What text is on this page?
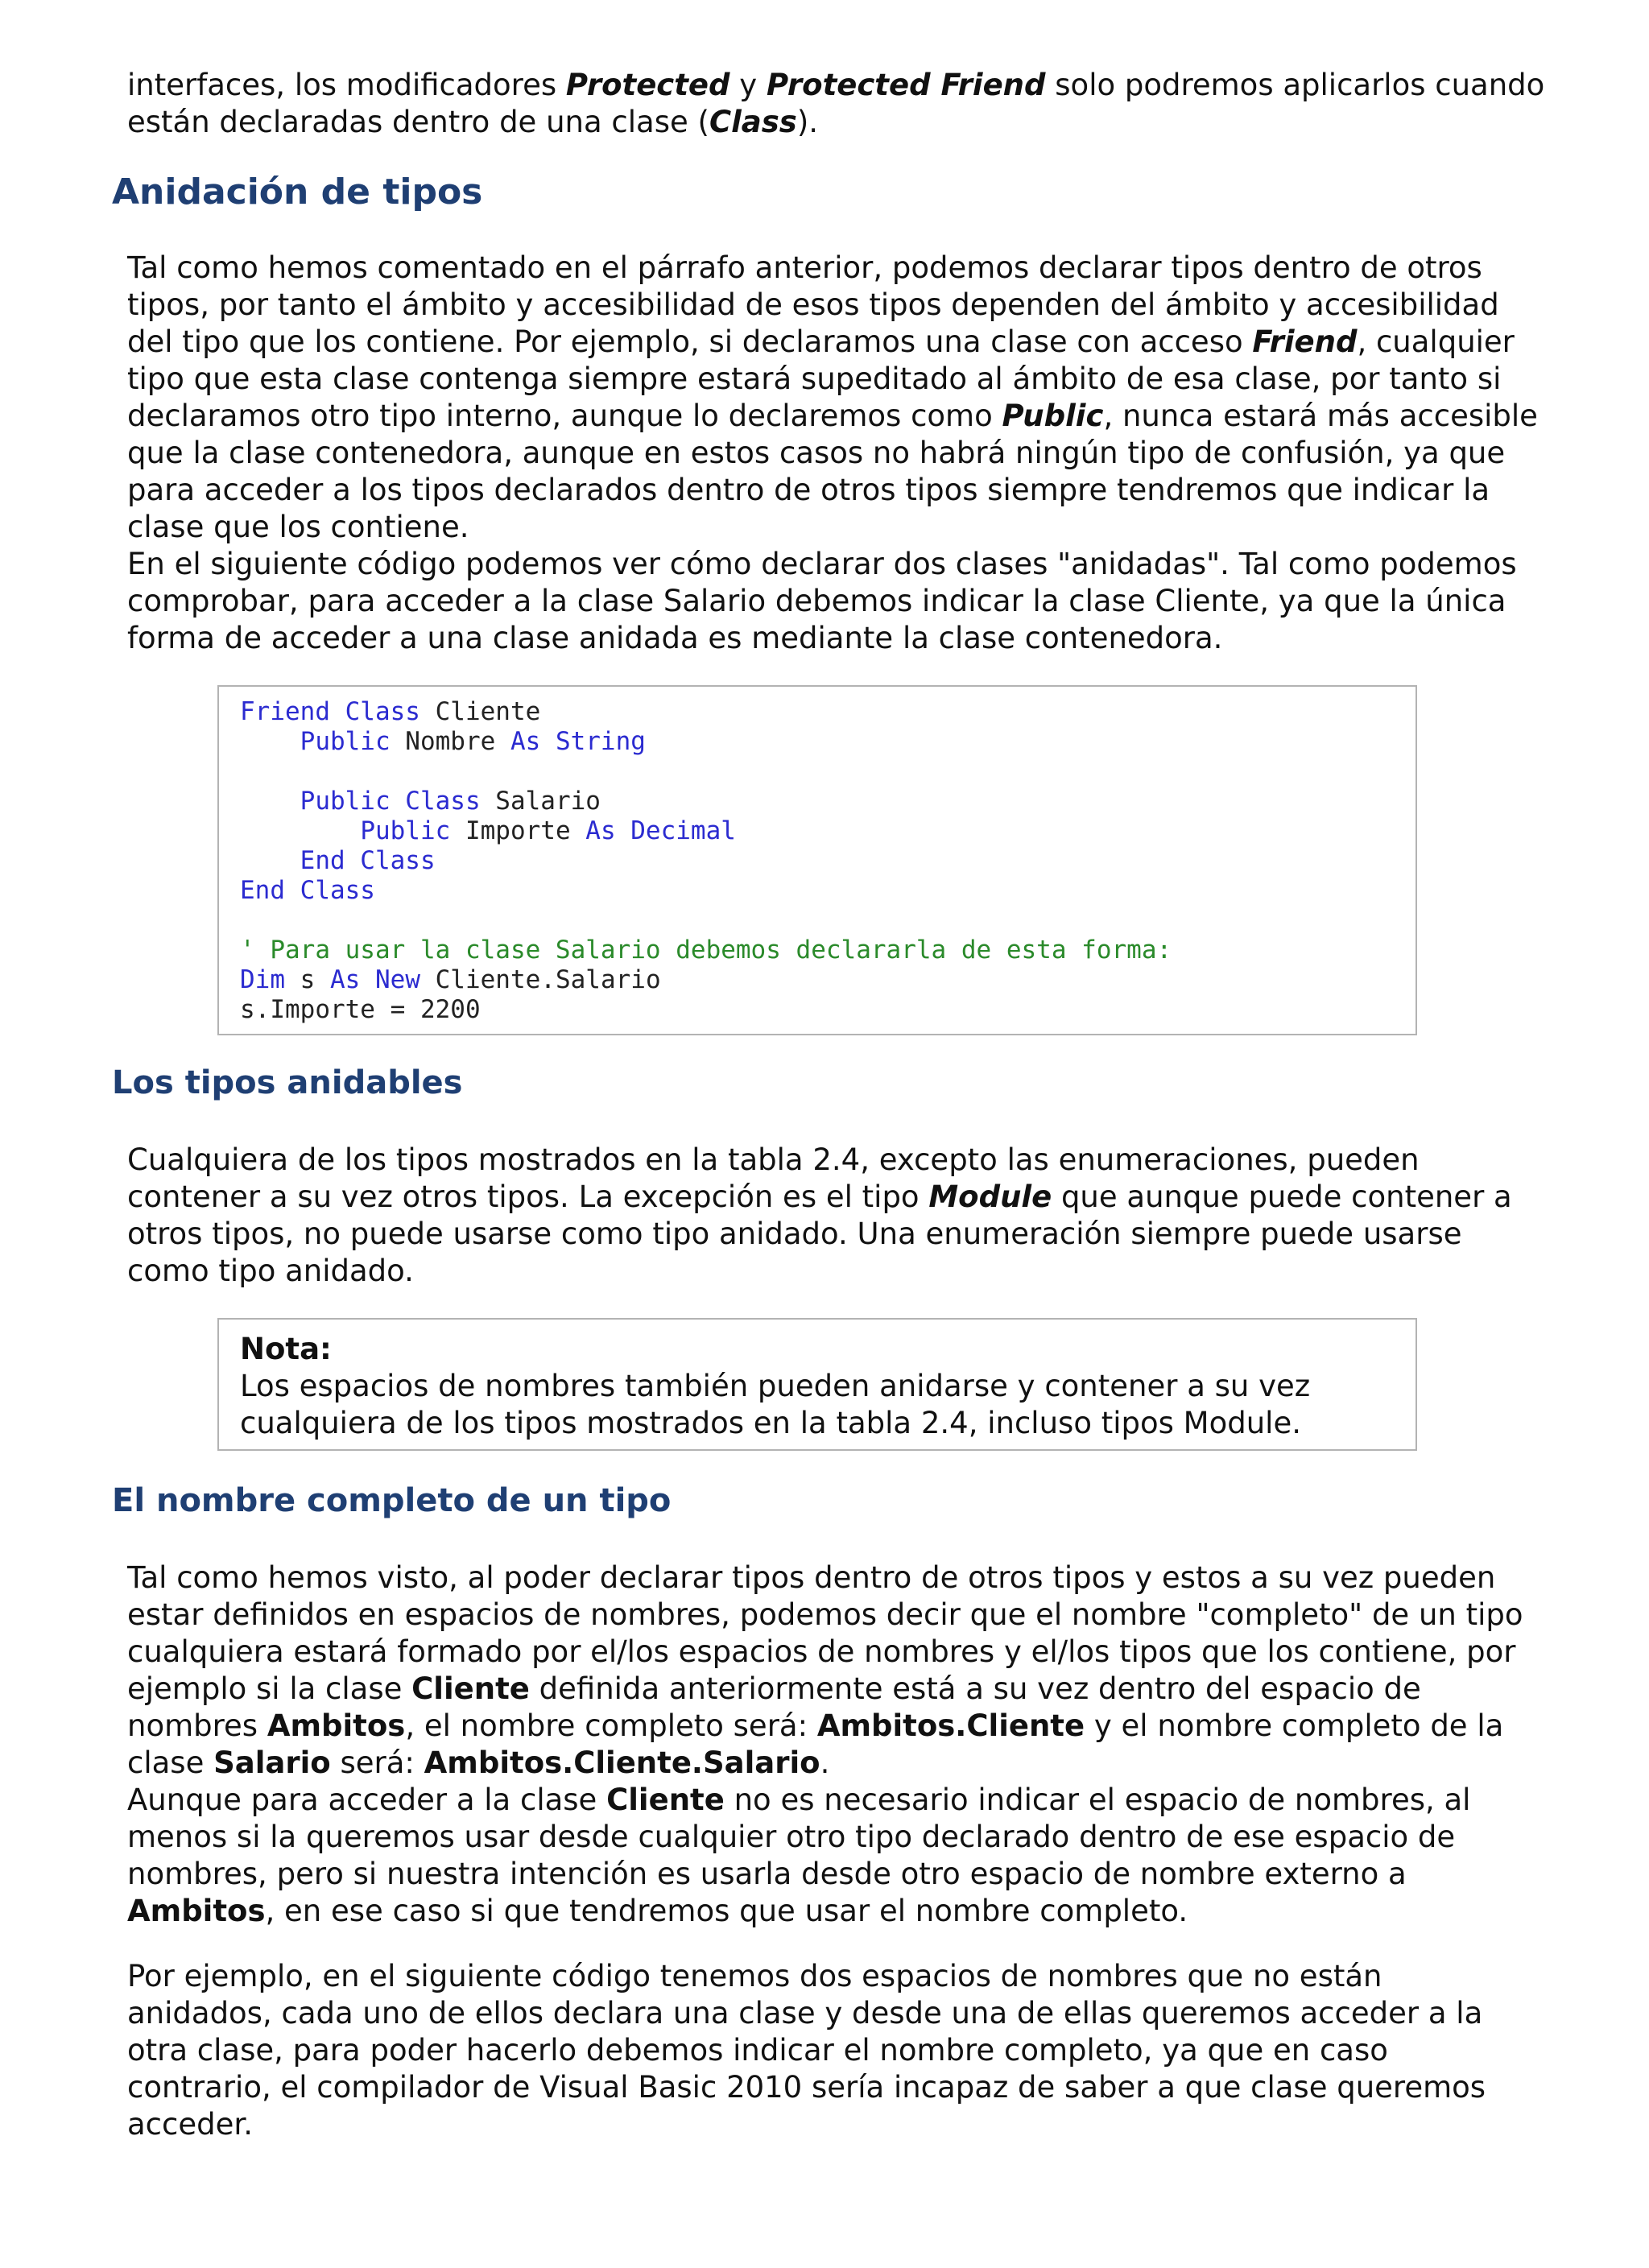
interfaces, los modificadores Protected y Protected Friend solo podremos aplicarlos cuando
están declaradas dentro de una clase (Class).

Anidación de tipos

Tal como hemos comentado en el párrafo anterior, podemos declarar tipos dentro de otros
tipos, por tanto el ámbito y accesibilidad de esos tipos dependen del ámbito y accesibilidad
del tipo que los contiene. Por ejemplo, si declaramos una clase con acceso Friend, cualquier
tipo que esta clase contenga siempre estará supeditado al ámbito de esa clase, por tanto si
declaramos otro tipo interno, aunque lo declaremos como Public, nunca estará más accesible
que la clase contenedora, aunque en estos casos no habrá ningún tipo de confusión, ya que
para acceder a los tipos declarados dentro de otros tipos siempre tendremos que indicar la
clase que los contiene.
En el siguiente código podemos ver cómo declarar dos clases "anidadas". Tal como podemos
comprobar, para acceder a la clase Salario debemos indicar la clase Cliente, ya que la única
forma de acceder a una clase anidada es mediante la clase contenedora.

Friend Class Cliente
Public Nombre As String
Public Class Salario
Public Importe As Decimal
End Class
End Class
' Para usar la clase Salario debemos declararla de esta forma:
Dim s As New Cliente.Salario
s.Importe = 2200
Los tipos anidables

Cualquiera de los tipos mostrados en la tabla 2.4, excepto las enumeraciones, pueden
contener a su vez otros tipos. La excepción es el tipo Module que aunque puede contener a
otros tipos, no puede usarse como tipo anidado. Una enumeración siempre puede usarse
como tipo anidado.

Nota:
Los espacios de nombres también pueden anidarse y contener a su vez
cualquiera de los tipos mostrados en la tabla 2.4, incluso tipos Module.
El nombre completo de un tipo

Tal como hemos visto, al poder declarar tipos dentro de otros tipos y estos a su vez pueden
estar definidos en espacios de nombres, podemos decir que el nombre "completo" de un tipo
cualquiera estará formado por el/los espacios de nombres y el/los tipos que los contiene, por
ejemplo si la clase Cliente definida anteriormente está a su vez dentro del espacio de
nombres Ambitos, el nombre completo será: Ambitos.Cliente y el nombre completo de la
clase Salario será: Ambitos.Cliente.Salario.
Aunque para acceder a la clase Cliente no es necesario indicar el espacio de nombres, al
menos si la queremos usar desde cualquier otro tipo declarado dentro de ese espacio de
nombres, pero si nuestra intención es usarla desde otro espacio de nombre externo a
Ambitos, en ese caso si que tendremos que usar el nombre completo.

Por ejemplo, en el siguiente código tenemos dos espacios de nombres que no están
anidados, cada uno de ellos declara una clase y desde una de ellas queremos acceder a la
otra clase, para poder hacerlo debemos indicar el nombre completo, ya que en caso
contrario, el compilador de Visual Basic 2010 sería incapaz de saber a que clase queremos
acceder.
